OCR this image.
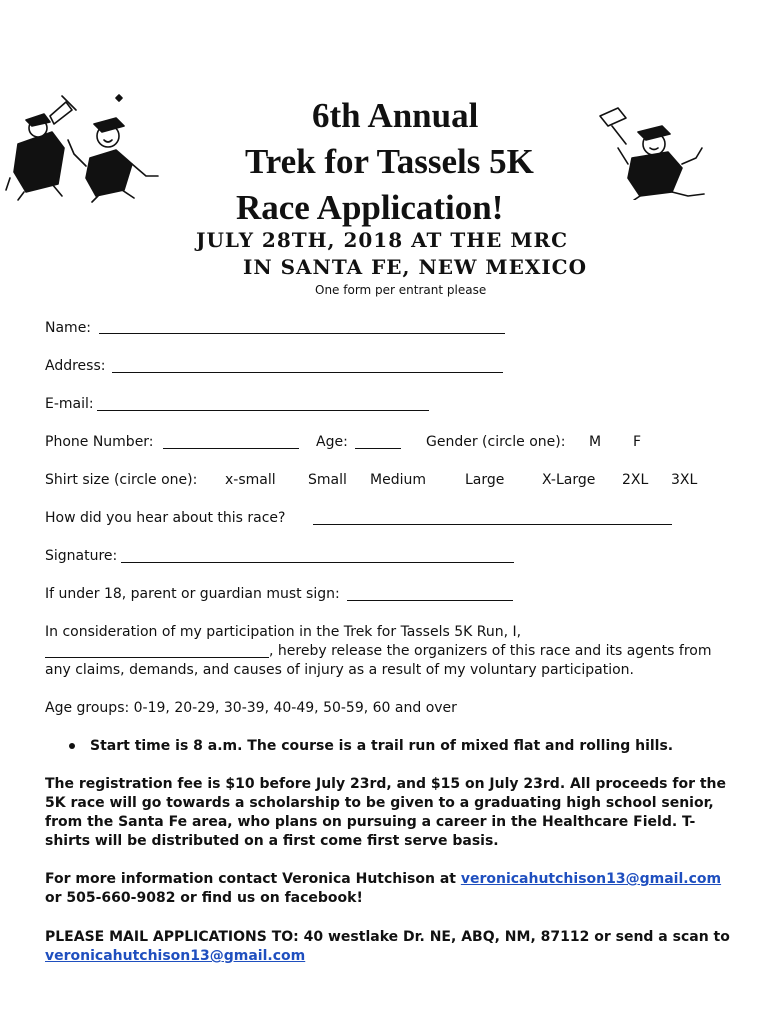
6th Annual
Trek for Tassels 5K
Race Application!
JULY 28TH, 2018 AT THE MRC
IN SANTA FE, NEW MEXICO
One form per entrant please
Name:
Address:
E-mail:
Phone Number:	Age:	Gender (circle one): M F
Shirt size (circle one): x-small Small Medium	Large	X-Large 2XL 3XL
How did you hear about this race?
Signature:
If under 18, parent or guardian must sign:
In consideration of my participation in the Trek for Tassels 5K Run, I,
, hereby release the organizers of this race and its agents from
any claims, demands, and causes of injury as a result of my voluntary participation.
Age groups: 0-19, 20-29, 30-39, 40-49, 50-59, 60 and over
Start time is 8 a.m. The course is a trail run of mixed flat and rolling hills.
The registration fee is $10 before July 23rd, and $15 on July 23rd. All proceeds for the 5K race will go towards a scholarship to be given to a graduating high school senior, from the Santa Fe area, who plans on pursuing a career in the Healthcare Field. T-shirts will be distributed on a first come first serve basis.
For more information contact Veronica Hutchison at veronicahutchison13@gmail.com or 505-660-9082 or find us on facebook!
PLEASE MAIL APPLICATIONS TO: 40 westlake Dr. NE, ABQ, NM, 87112 or send a scan to
veronicahutchison13@gmail.com
